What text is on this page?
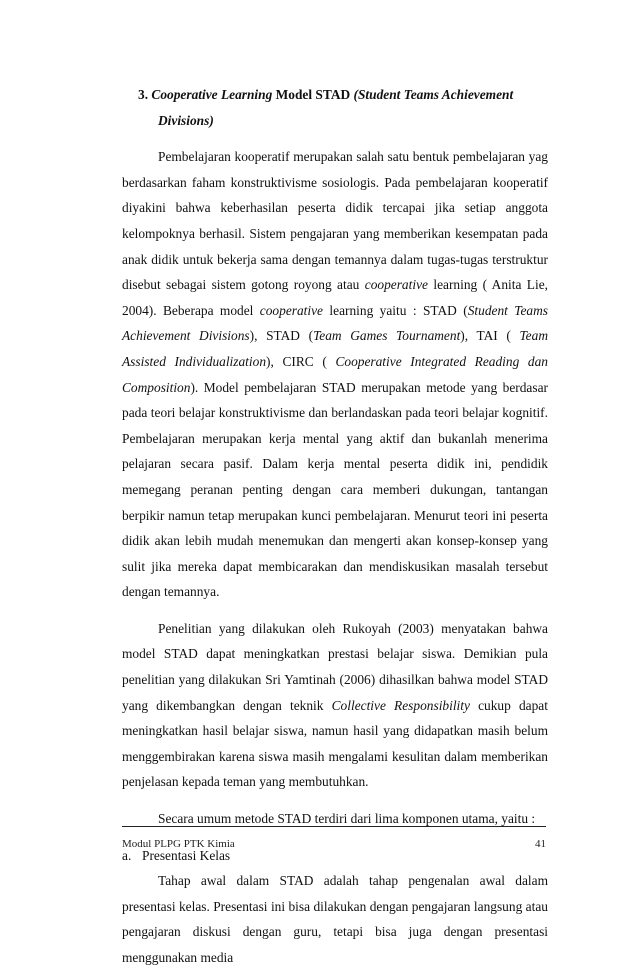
3. Cooperative Learning Model STAD (Student Teams Achievement
Divisions)

Pembelajaran kooperatif merupakan salah satu bentuk pembelajaran yag berdasarkan faham konstruktivisme sosiologis. Pada pembelajaran kooperatif diyakini bahwa keberhasilan peserta didik tercapai jika setiap anggota kelompoknya berhasil. Sistem pengajaran yang memberikan kesempatan pada anak didik untuk bekerja sama dengan temannya dalam tugas-tugas terstruktur disebut sebagai sistem gotong royong atau cooperative learning ( Anita Lie, 2004). Beberapa model cooperative learning yaitu : STAD (Student Teams Achievement Divisions), STAD (Team Games Tournament), TAI ( Team Assisted Individualization), CIRC ( Cooperative Integrated Reading dan Composition). Model pembelajaran STAD merupakan metode yang berdasar pada teori belajar konstruktivisme dan berlandaskan pada teori belajar kognitif. Pembelajaran merupakan kerja mental yang aktif dan bukanlah menerima pelajaran secara pasif. Dalam kerja mental peserta didik ini, pendidik memegang peranan penting dengan cara memberi dukungan, tantangan berpikir namun tetap merupakan kunci pembelajaran. Menurut teori ini peserta didik akan lebih mudah menemukan dan mengerti akan konsep-konsep yang sulit jika mereka dapat membicarakan dan mendiskusikan masalah tersebut dengan temannya.

Penelitian yang dilakukan oleh Rukoyah (2003) menyatakan bahwa model STAD dapat meningkatkan prestasi belajar siswa. Demikian pula penelitian yang dilakukan Sri Yamtinah (2006) dihasilkan bahwa model STAD yang dikembangkan dengan teknik Collective Responsibility cukup dapat meningkatkan hasil belajar siswa, namun hasil yang didapatkan masih belum menggembirakan karena siswa masih mengalami kesulitan dalam memberikan penjelasan kepada teman yang membutuhkan.

Secara umum metode STAD terdiri dari lima komponen utama, yaitu :

a. Presentasi Kelas

Tahap awal dalam STAD adalah tahap pengenalan awal dalam presentasi kelas. Presentasi ini bisa dilakukan dengan pengajaran langsung atau pengajaran diskusi dengan guru, tetapi bisa juga dengan presentasi menggunakan media

Modul PLPG PTK Kimia	41
